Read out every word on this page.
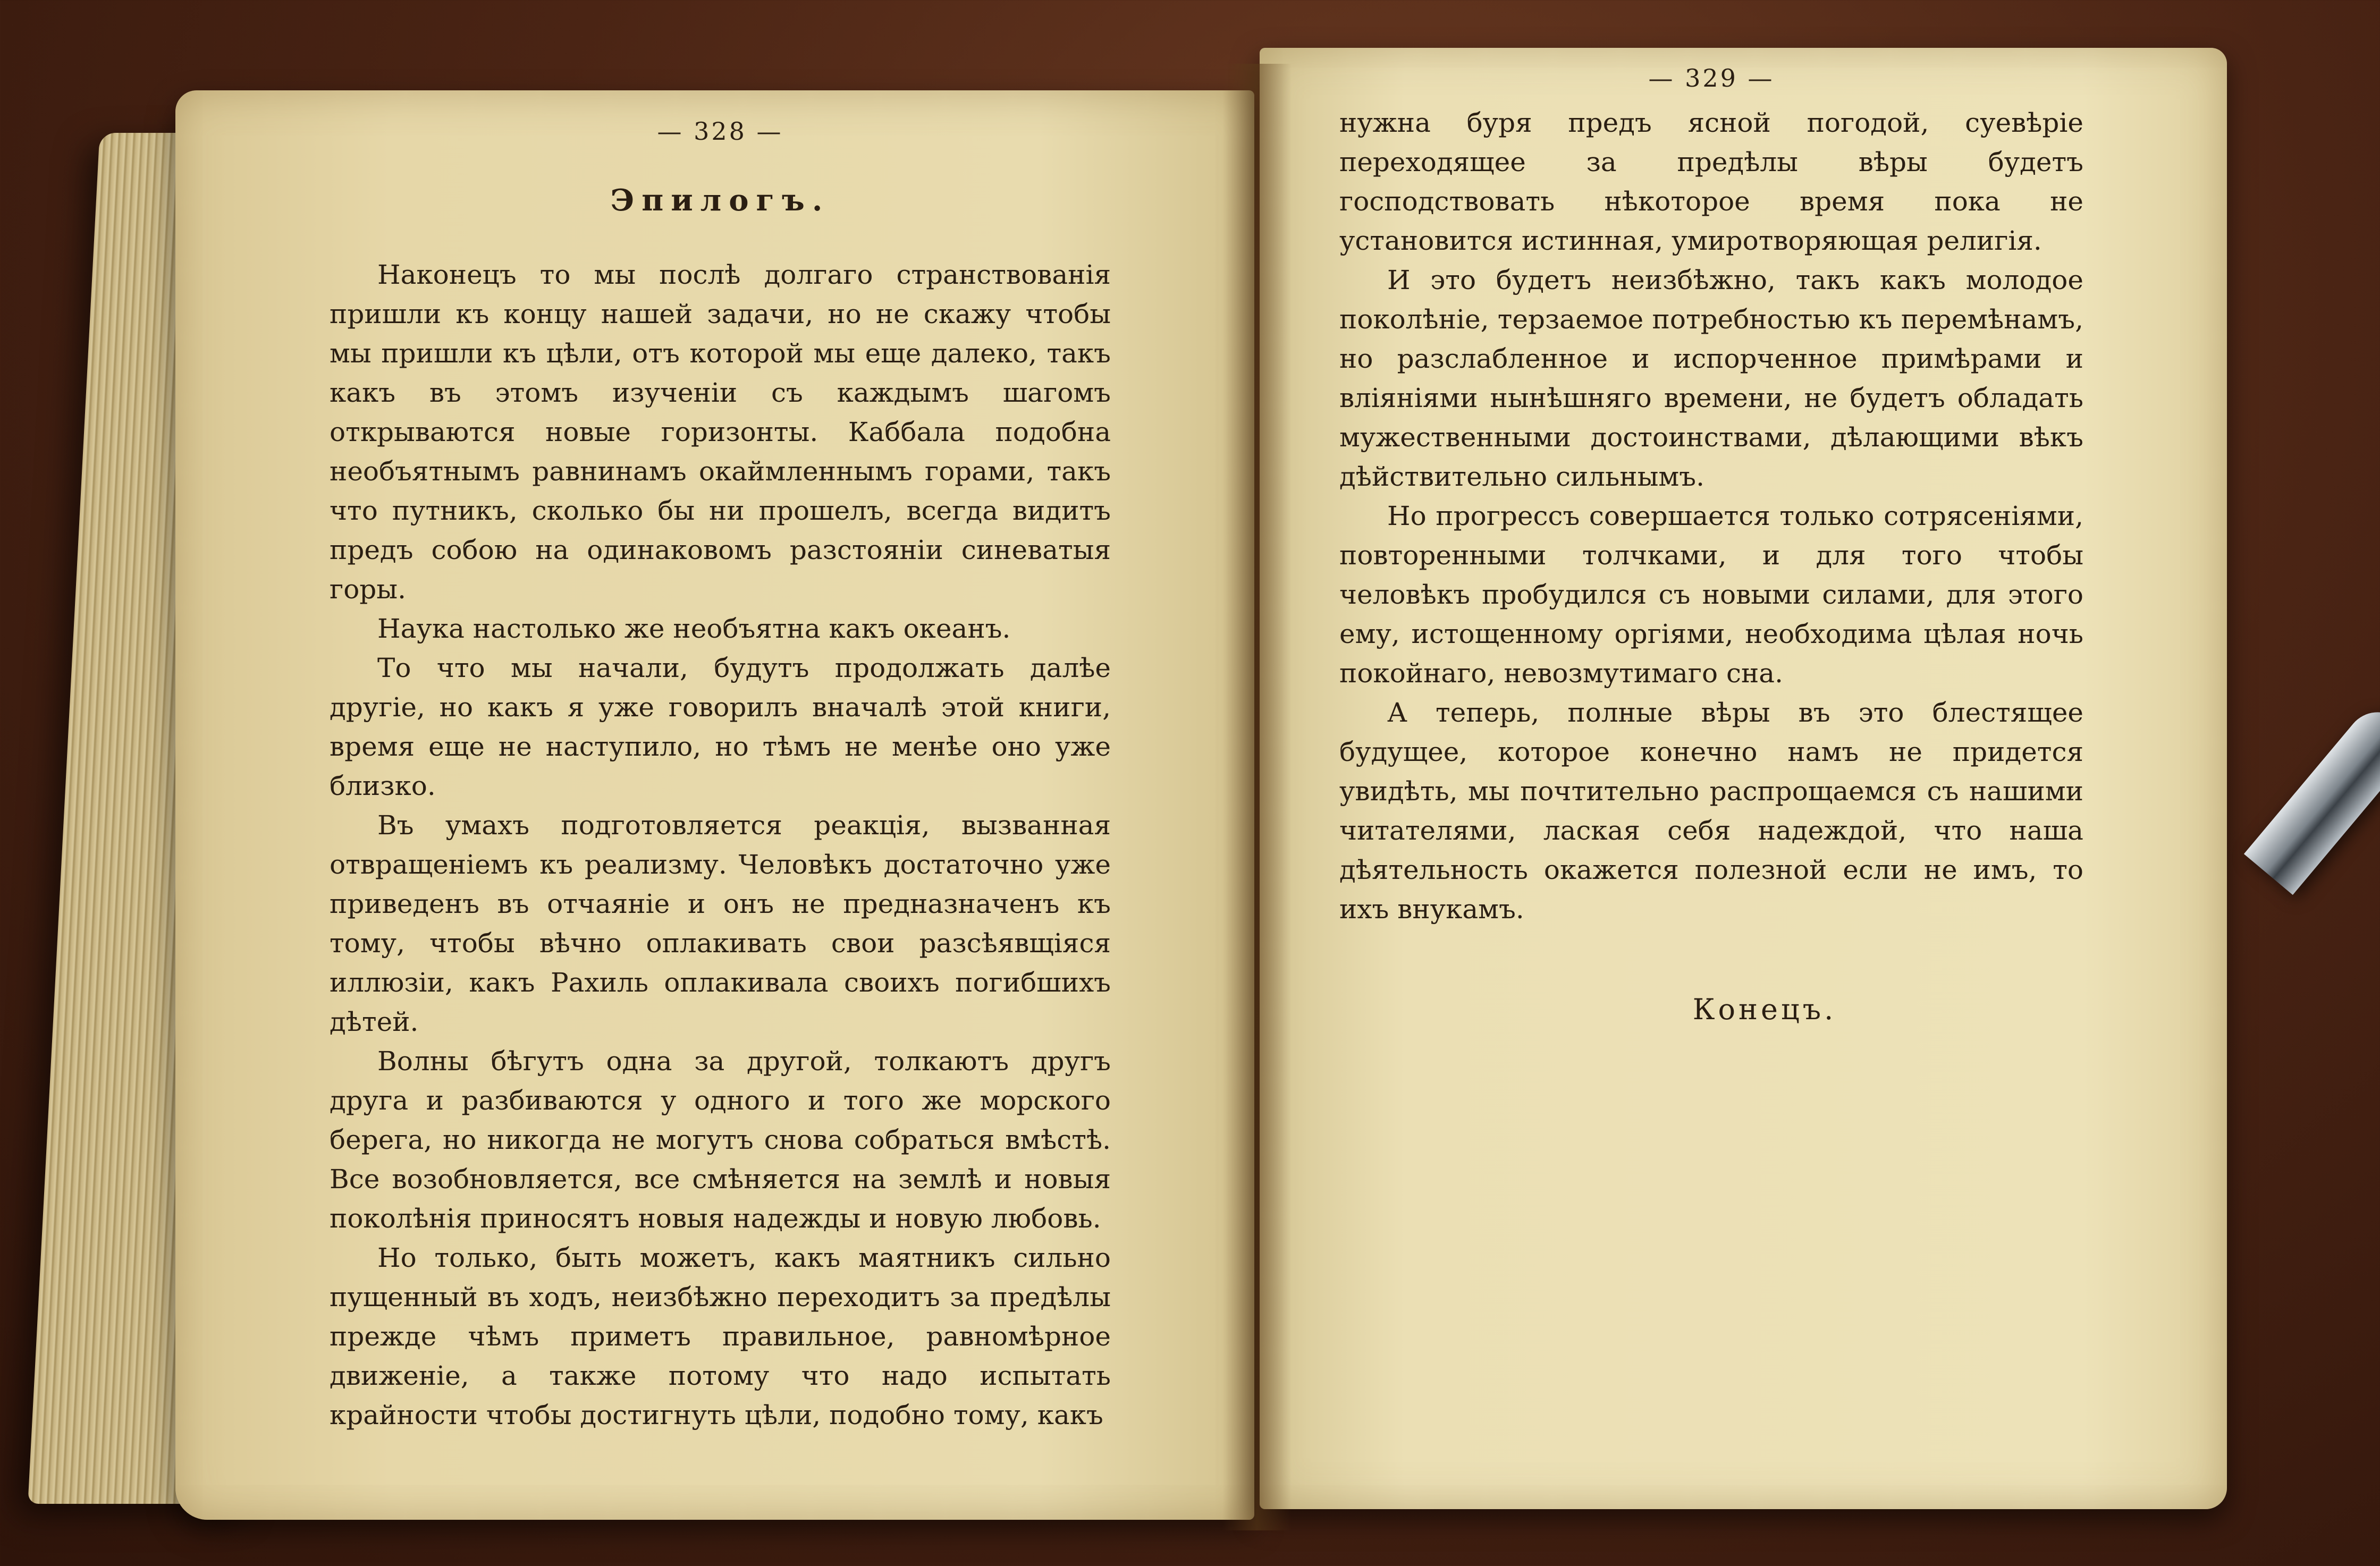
— 328 —
Эпилогъ.

Наконецъ то мы послѣ долгаго странствованія пришли къ концу нашей задачи, но не скажу чтобы мы пришли къ цѣли, отъ которой мы еще далеко, такъ какъ въ этомъ изученіи съ каждымъ шагомъ открываются новые горизонты. Каббала подобна необъятнымъ равнинамъ окаймленнымъ горами, такъ что путникъ, сколько бы ни прошелъ, всегда видитъ предъ собою на одинаковомъ разстояніи синеватыя горы.

Наука настолько же необъятна какъ океанъ.

То что мы начали, будутъ продолжать далѣе другіе, но какъ я уже говорилъ вначалѣ этой книги, время еще не наступило, но тѣмъ не менѣе оно уже близко.

Въ умахъ подготовляется реакція, вызванная отвращеніемъ къ реализму. Человѣкъ достаточно уже приведенъ въ отчаяніе и онъ не предназначенъ къ тому, чтобы вѣчно оплакивать свои разсѣявщіяся иллюзіи, какъ Рахиль оплакивала своихъ погибшихъ дѣтей.

Волны бѣгутъ одна за другой, толкаютъ другъ друга и разбиваются у одного и того же морского берега, но никогда не могутъ снова собраться вмѣстѣ. Все возобновляется, все смѣняется на землѣ и новыя поколѣнія приносятъ новыя надежды и новую любовь.

Но только, быть можетъ, какъ маятникъ сильно пущенный въ ходъ, неизбѣжно переходитъ за предѣлы прежде чѣмъ приметъ правильное, равномѣрное движеніе, а также потому что надо испытать крайности чтобы достигнуть цѣли, подобно тому, какъ

— 329 —

нужна буря предъ ясной погодой, суевѣріе переходящее за предѣлы вѣры будетъ господствовать нѣкоторое время пока не установится истинная, умиротворяющая религія.

И это будетъ неизбѣжно, такъ какъ молодое поколѣніе, терзаемое потребностью къ перемѣнамъ, но разслабленное и испорченное примѣрами и вліяніями нынѣшняго времени, не будетъ обладать мужественными достоинствами, дѣлающими вѣкъ дѣйствительно сильнымъ.

Но прогрессъ совершается только сотрясеніями, повторенными толчками, и для того чтобы человѣкъ пробудился съ новыми силами, для этого ему, истощенному оргіями, необходима цѣлая ночь покойнаго, невозмутимаго сна.

А теперь, полные вѣры въ это блестящее будущее, которое конечно намъ не придется увидѣть, мы почтительно распрощаемся съ нашими читателями, лаская себя надеждой, что наша дѣятельность окажется полезной если не имъ, то ихъ внукамъ.

Конецъ.
